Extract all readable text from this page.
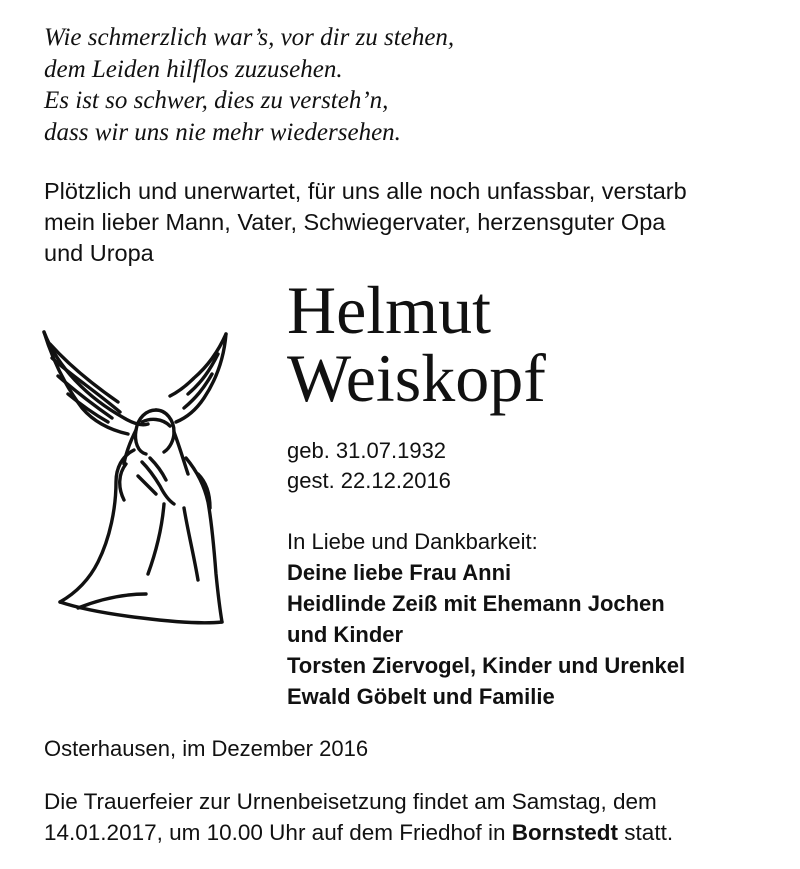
Wie schmerzlich war’s, vor dir zu stehen,
dem Leiden hilflos zuzusehen.
Es ist so schwer, dies zu versteh’n,
dass wir uns nie mehr wiedersehen.
Plötzlich und unerwartet, für uns alle noch unfassbar, verstarb
mein lieber Mann, Vater, Schwiegervater, herzensguter Opa
und Uropa
Helmut
Weiskopf
geb. 31.07.1932
gest. 22.12.2016
In Liebe und Dankbarkeit:
Deine liebe Frau Anni
Heidlinde Zeiß mit Ehemann Jochen
und Kinder
Torsten Ziervogel, Kinder und Urenkel
Ewald Göbelt und Familie
Osterhausen, im Dezember 2016
Die Trauerfeier zur Urnenbeisetzung findet am Samstag, dem
14.01.2017, um 10.00 Uhr auf dem Friedhof in Bornstedt statt.
